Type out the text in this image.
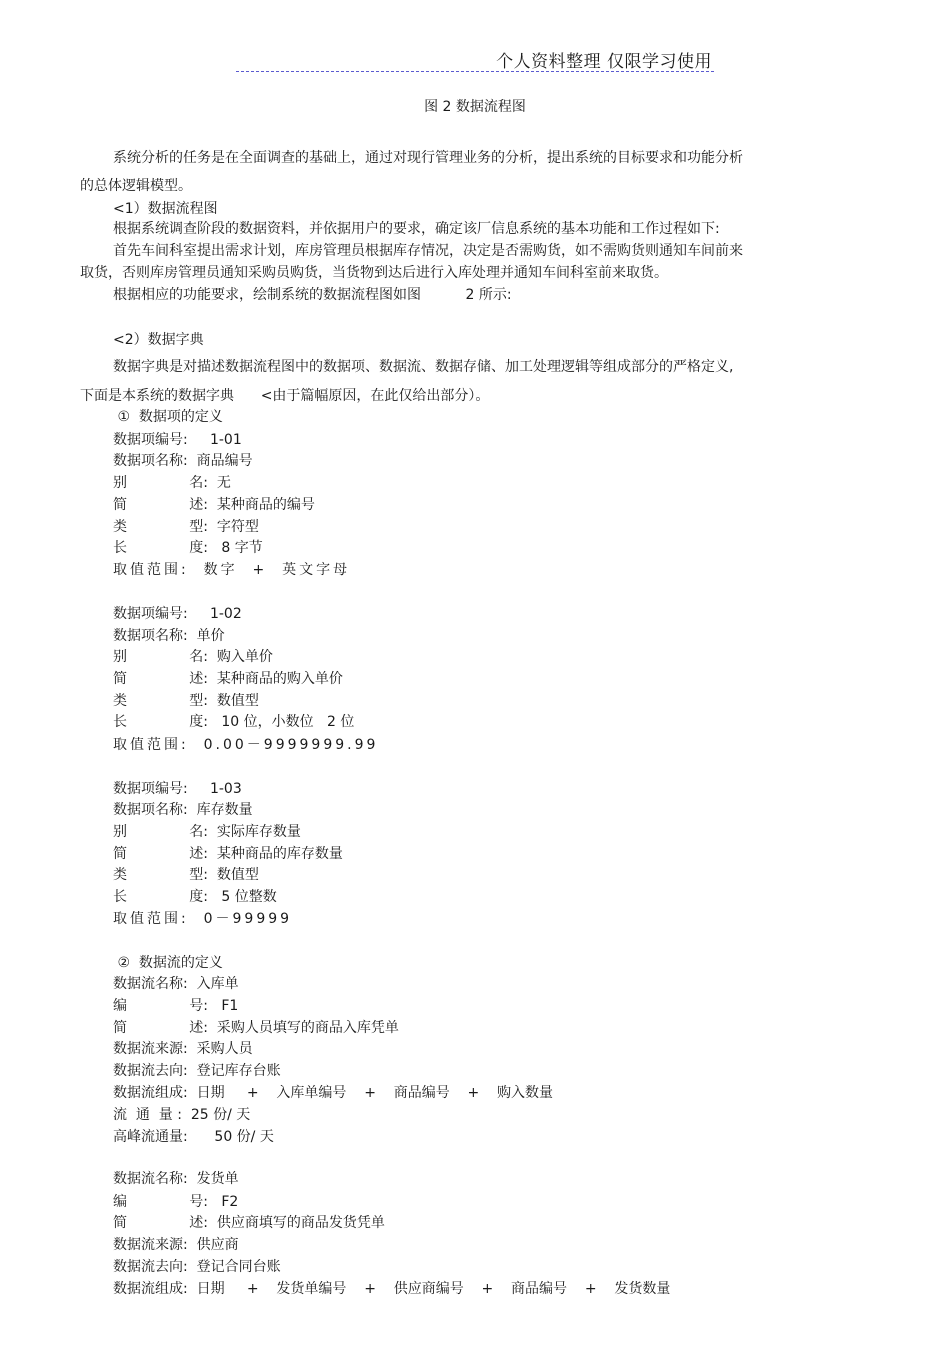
个人资料整理 仅限学习使用
图 2 数据流程图

系统分析的任务是在全面调查的基础上，通过对现行管理业务的分析，提出系统的目标要求和功能分析

的总体逻辑模型。

<1）数据流程图

根据系统调查阶段的数据资料，并依据用户的要求，确定该厂信息系统的基本功能和工作过程如下:

首先车间科室提出需求计划，库房管理员根据库存情况，决定是否需购货，如不需购货则通知车间前来

取货，否则库房管理员通知采购员购货，当货物到达后进行入库处理并通知车间科室前来取货。

根据相应的功能要求，绘制系统的数据流程图如图          2 所示:

<2）数据字典

数据字典是对描述数据流程图中的数据项、数据流、数据存储、加工处理逻辑等组成部分的严格定义,

下面是本系统的数据字典      <由于篇幅原因，在此仅给出部分）。

①  数据项的定义

数据项编号:     1-01

数据项名称:  商品编号

别              名:  无

简              述:  某种商品的编号

类              型:  字符型

长              度:   8 字节

取值范围:  数字  +  英文字母

数据项编号:     1-02

数据项名称:  单价

别              名:  购入单价

简              述:  某种商品的购入单价

类              型:  数值型

长              度:   10 位，小数位   2 位

取值范围:  0.00－9999999.99

数据项编号:     1-03

数据项名称:  库存数量

别              名:  实际库存数量

简              述:  某种商品的库存数量

类              型:  数值型

长              度:   5 位整数

取值范围:  0－99999

②  数据流的定义

数据流名称:  入库单

编              号:   F1

简              述:  采购人员填写的商品入库凭单

数据流来源:  采购人员

数据流去向:  登记库存台账

数据流组成:  日期     +    入库单编号    +    商品编号    +    购入数量

流  通  量 :  25 份/ 天

高峰流通量:      50 份/ 天

数据流名称:  发货单

编              号:   F2

简              述:  供应商填写的商品发货凭单

数据流来源:  供应商

数据流去向:  登记合同台账

数据流组成:  日期     +    发货单编号    +    供应商编号    +    商品编号    +    发货数量
